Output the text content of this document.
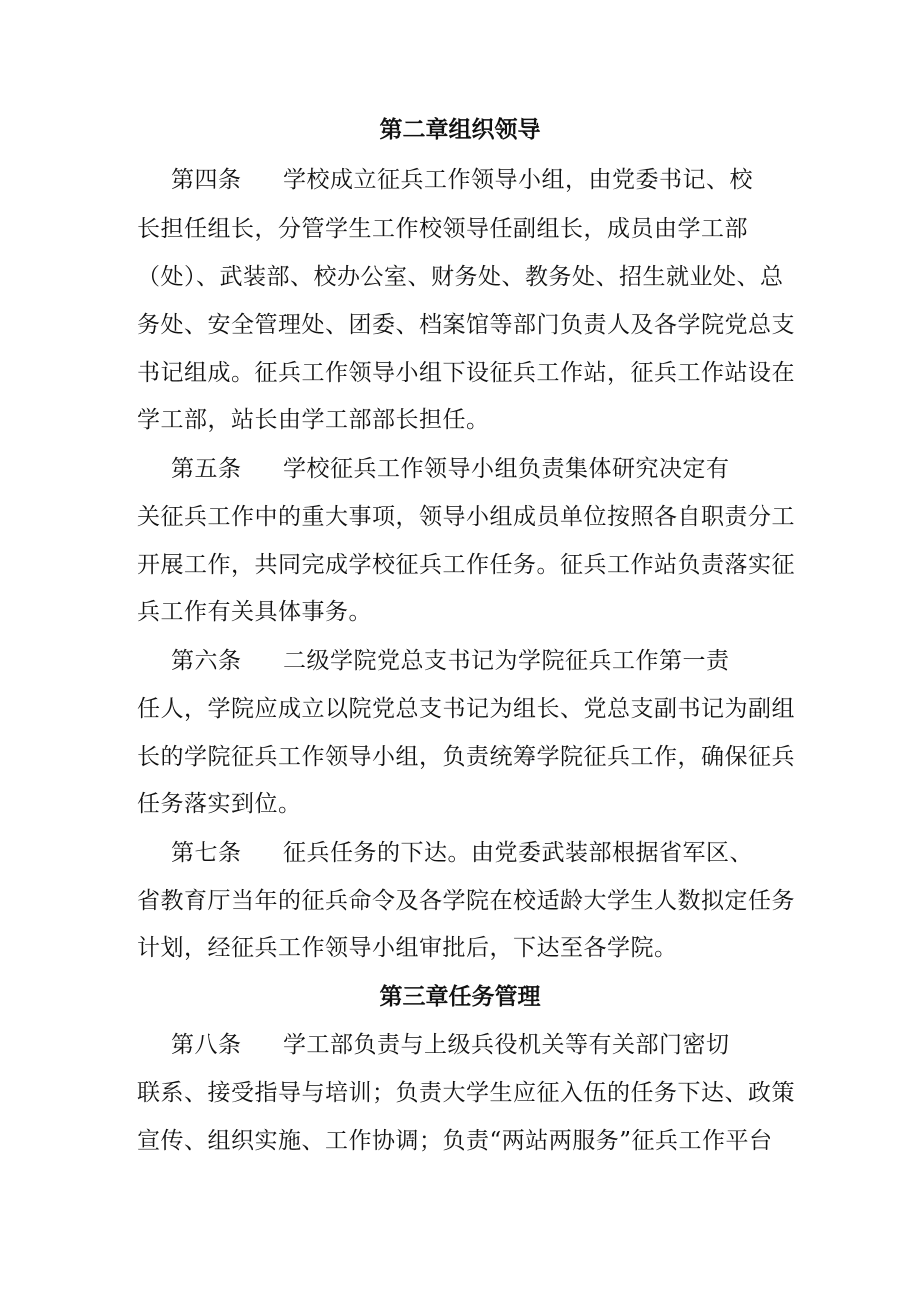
第二章组织领导
第四条 学校成立征兵工作领导小组，由党委书记、校
长担任组长，分管学生工作校领导任副组长，成员由学工部
（处）、武装部、校办公室、财务处、教务处、招生就业处、总
务处、安全管理处、团委、档案馆等部门负责人及各学院党总支
书记组成。征兵工作领导小组下设征兵工作站，征兵工作站设在
学工部，站长由学工部部长担任。
第五条 学校征兵工作领导小组负责集体研究决定有
关征兵工作中的重大事项，领导小组成员单位按照各自职责分工
开展工作，共同完成学校征兵工作任务。征兵工作站负责落实征
兵工作有关具体事务。
第六条 二级学院党总支书记为学院征兵工作第一责
任人，学院应成立以院党总支书记为组长、党总支副书记为副组
长的学院征兵工作领导小组，负责统筹学院征兵工作，确保征兵
任务落实到位。
第七条 征兵任务的下达。由党委武装部根据省军区、
省教育厅当年的征兵命令及各学院在校适龄大学生人数拟定任务
计划，经征兵工作领导小组审批后，下达至各学院。
第三章任务管理
第八条 学工部负责与上级兵役机关等有关部门密切
联系、接受指导与培训；负责大学生应征入伍的任务下达、政策
宣传、组织实施、工作协调；负责“两站两服务”征兵工作平台
